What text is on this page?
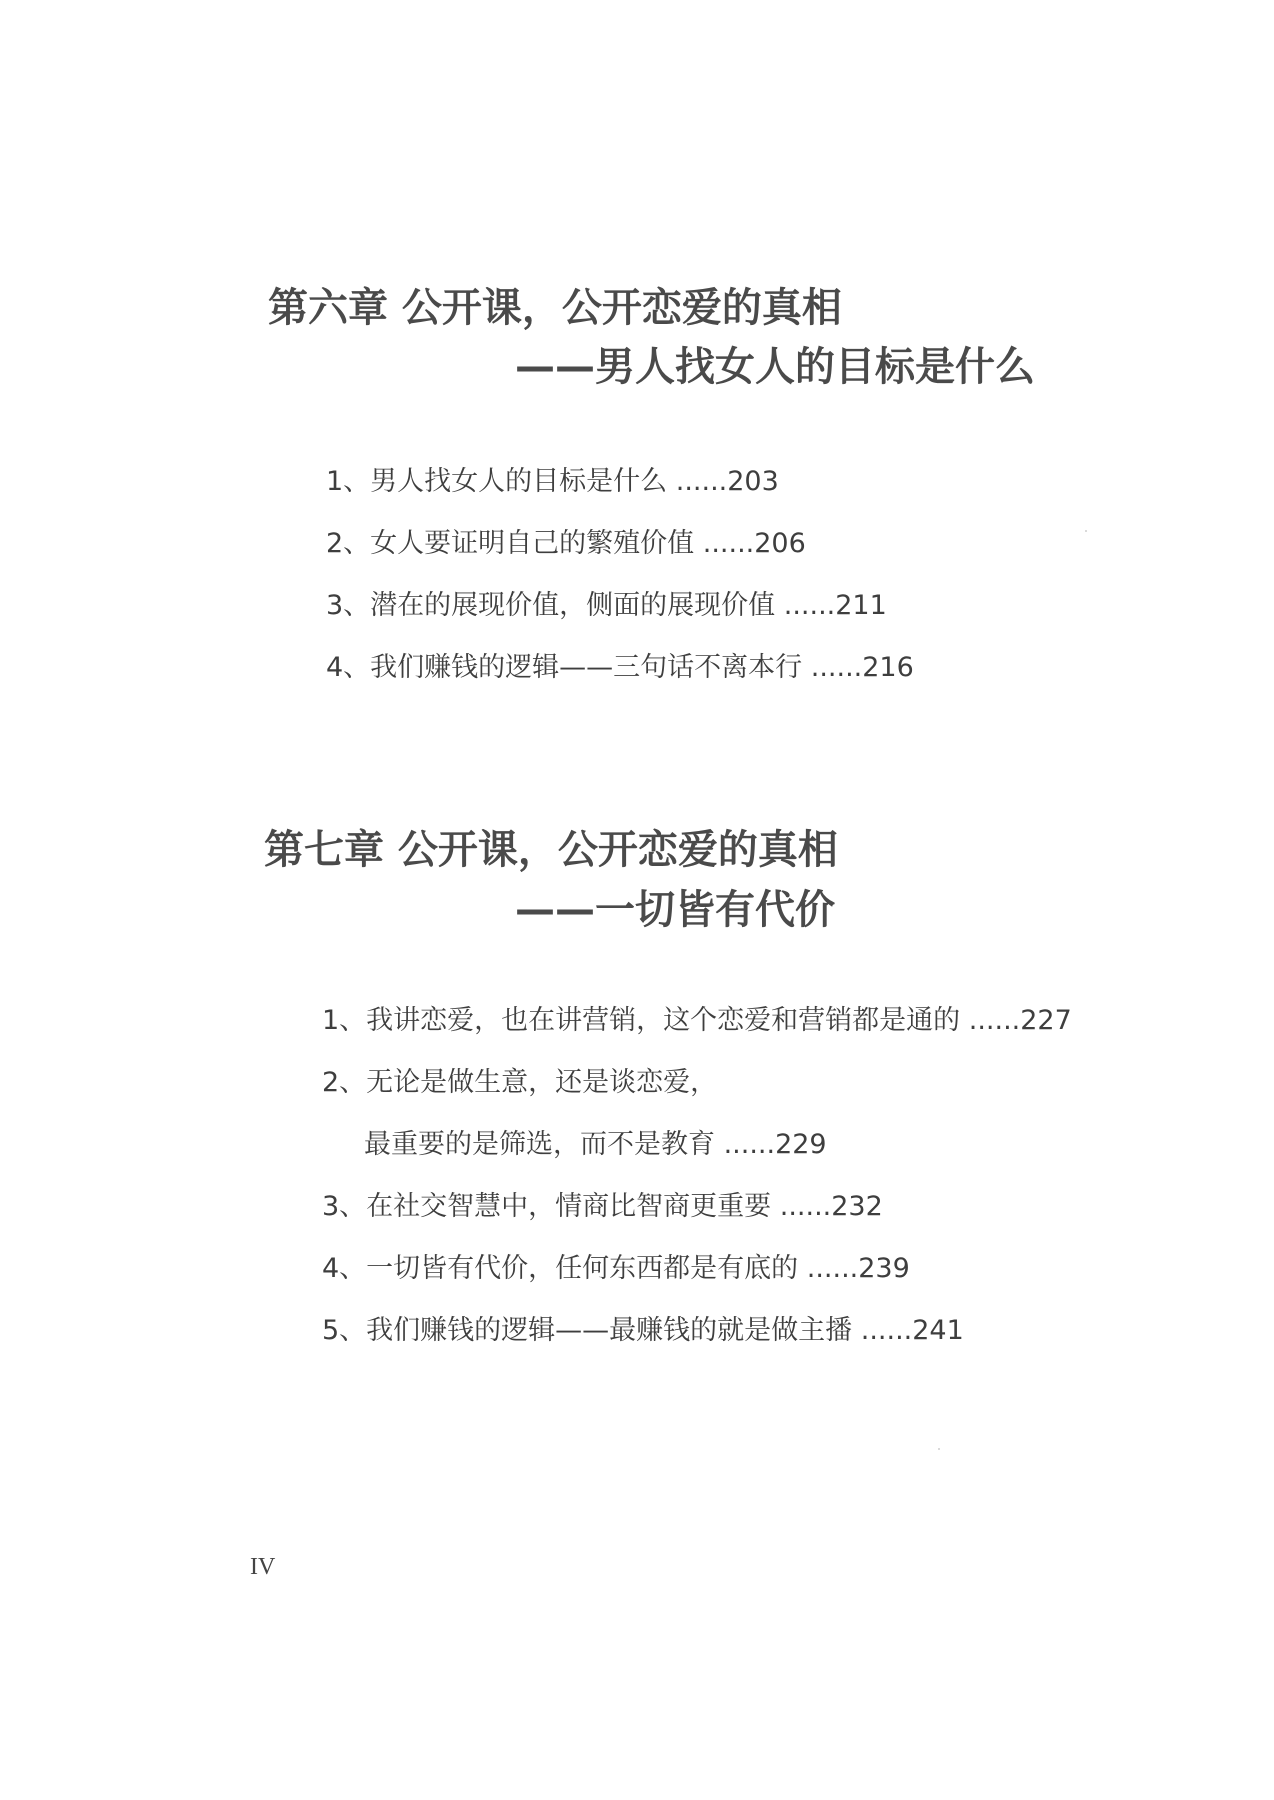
第六章 公开课，公开恋爱的真相
——男人找女人的目标是什么
1、男人找女人的目标是什么 ......203
2、女人要证明自己的繁殖价值 ......206
3、潜在的展现价值，侧面的展现价值 ......211
4、我们赚钱的逻辑——三句话不离本行 ......216
第七章 公开课，公开恋爱的真相
——一切皆有代价
1、我讲恋爱，也在讲营销，这个恋爱和营销都是通的 ......227
2、无论是做生意，还是谈恋爱，
最重要的是筛选，而不是教育 ......229
3、在社交智慧中，情商比智商更重要 ......232
4、一切皆有代价，任何东西都是有底的 ......239
5、我们赚钱的逻辑——最赚钱的就是做主播 ......241
IV
